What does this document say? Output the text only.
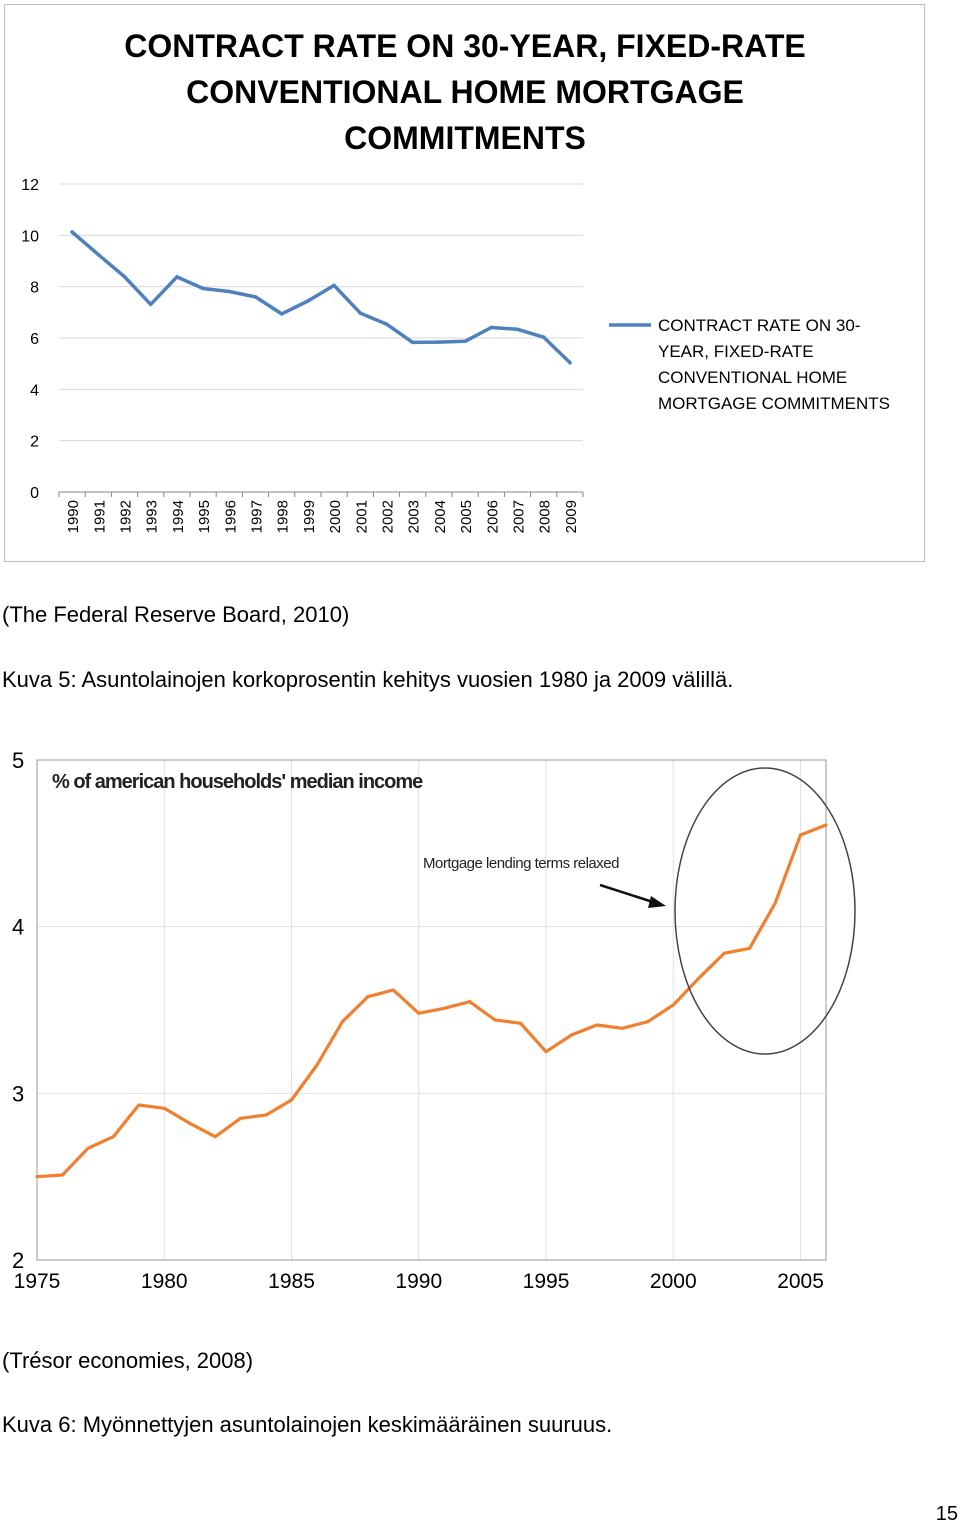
CONTRACT RATE ON 30-YEAR, FIXED-RATE
CONVENTIONAL HOME MORTGAGE
COMMITMENTS
0
2
4
6
8
10
12
1990 1991 1992 1993 1994 1995 1996 1997 1998 1999 2000 2001 2002 2003 2004 2005 2006 2007 2008 2009
CONTRACT RATE ON 30-
YEAR, FIXED-RATE
CONVENTIONAL HOME
MORTGAGE COMMITMENTS
(The Federal Reserve Board, 2010)
Kuva 5: Asuntolainojen korkoprosentin kehitys vuosien 1980 ja 2009 välillä.
1975	1980	1985	1990	1995	2000	2005
2
3
4
5
% of american households' median income
Mortgage lending terms relaxed
(Trésor economies, 2008)
Kuva 6: Myönnettyjen asuntolainojen keskimääräinen suuruus.
15
